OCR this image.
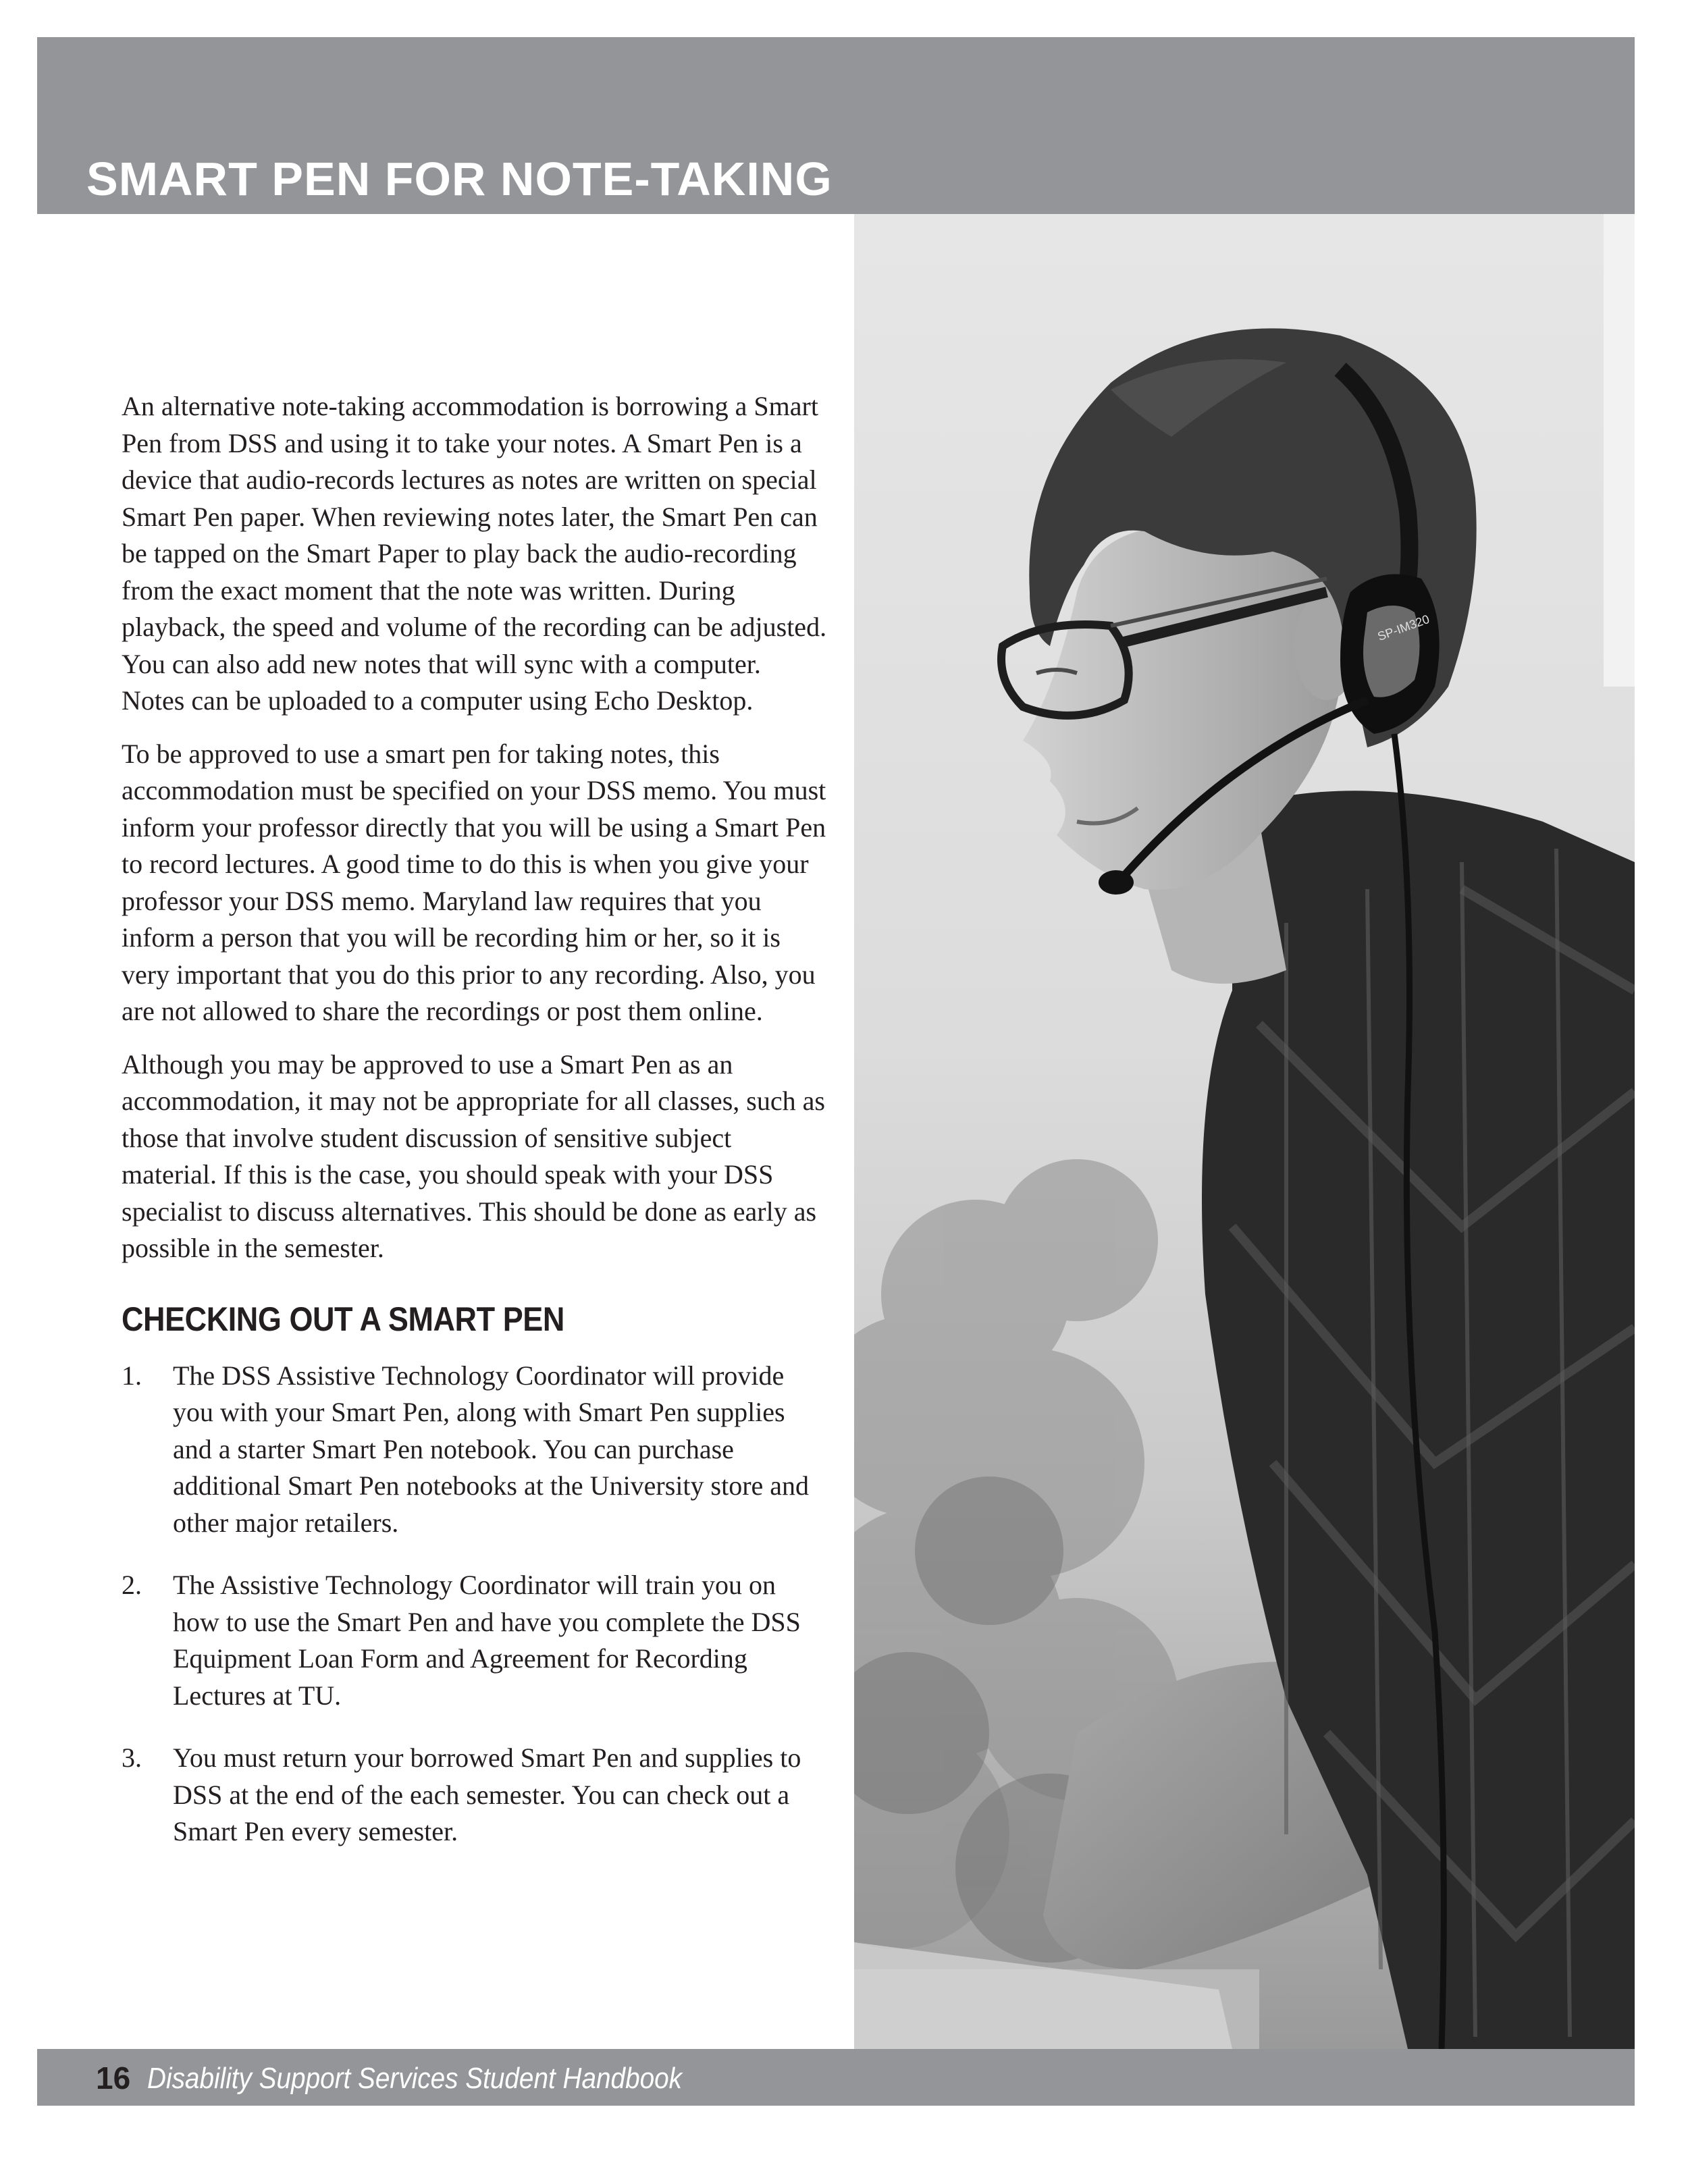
SMART PEN FOR NOTE-TAKING
SP-IM320

An alternative note-taking accommodation is borrowing a Smart Pen from DSS and using it to take your notes. A Smart Pen is a device that audio-records lectures as notes are written on special Smart Pen paper. When reviewing notes later, the Smart Pen can be tapped on the Smart Paper to play back the audio-recording from the exact moment that the note was written. During playback, the speed and volume of the recording can be adjusted. You can also add new notes that will sync with a computer. Notes can be uploaded to a computer using Echo Desktop.

To be approved to use a smart pen for taking notes, this accommodation must be specified on your DSS memo. You must inform your professor directly that you will be using a Smart Pen to record lectures. A good time to do this is when you give your professor your DSS memo. Maryland law requires that you inform a person that you will be recording him or her, so it is very important that you do this prior to any recording. Also, you are not allowed to share the recordings or post them online.

Although you may be approved to use a Smart Pen as an accommodation, it may not be appropriate for all classes, such as those that involve student discussion of sensitive subject material. If this is the case, you should speak with your DSS specialist to discuss alternatives. This should be done as early as possible in the semester.

CHECKING OUT A SMART PEN
1. The DSS Assistive Technology Coordinator will provide you with your Smart Pen, along with Smart Pen supplies and a starter Smart Pen notebook. You can purchase additional Smart Pen notebooks at the University store and other major retailers.
2. The Assistive Technology Coordinator will train you on how to use the Smart Pen and have you complete the DSS Equipment Loan Form and Agreement for Recording Lectures at TU.
3. You must return your borrowed Smart Pen and supplies to DSS at the end of the each semester. You can check out a Smart Pen every semester.
16 Disability Support Services Student Handbook
